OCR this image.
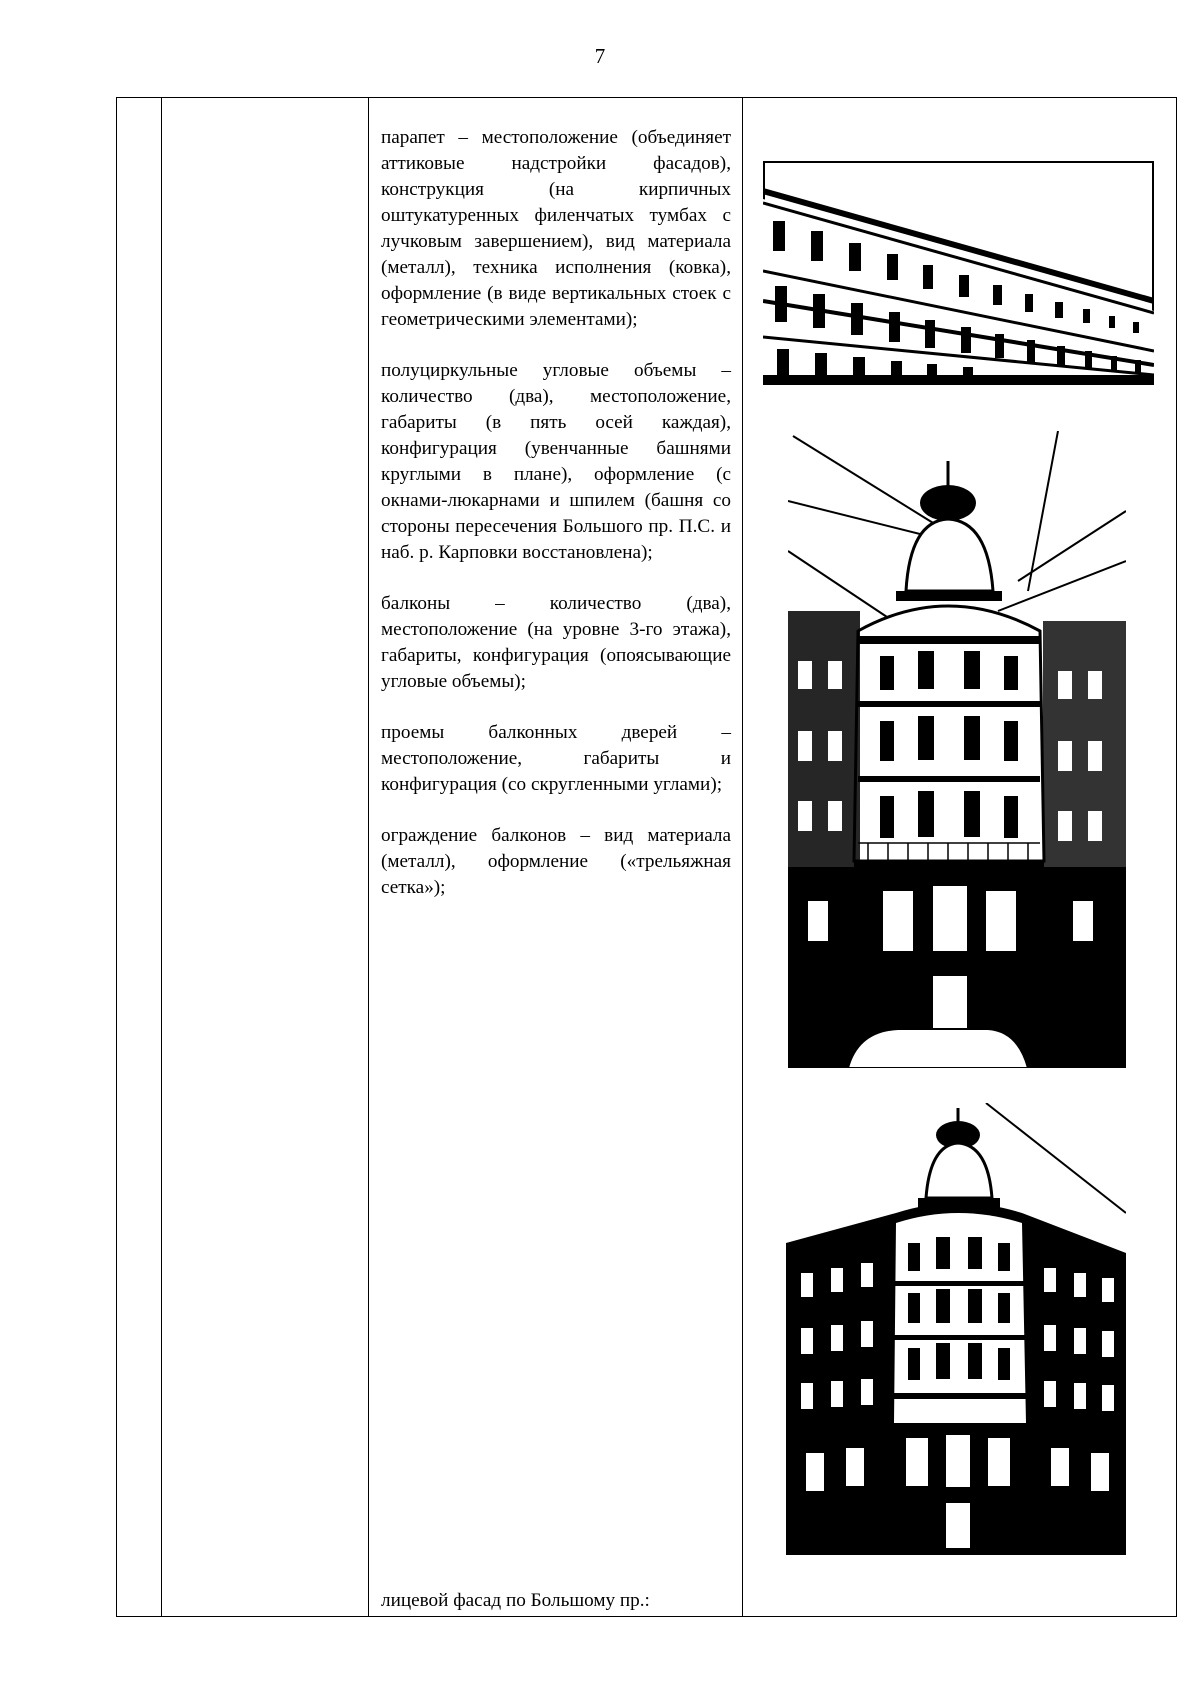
7

парапет – местоположение (объединяет аттиковые надстройки фасадов), конструкция (на кирпичных оштукатуренных филенчатых тумбах с лучковым завершением), вид материала (металл), техника исполнения (ковка), оформление (в виде вертикальных стоек с геометрическими элементами);

полуциркульные угловые объемы – количество (два), местоположение, габариты (в пять осей каждая), конфигурация (увенчанные башнями круглыми в плане), оформление (с окнами-люкарнами и шпилем (башня со стороны пересечения Большого пр. П.С. и наб. р. Карповки восстановлена);

балконы – количество (два), местоположение (на уровне 3-го этажа), габариты, конфигурация (опоясывающие угловые объемы);

проемы балконных дверей – местоположение, габариты и конфигурация (со скругленными углами);

ограждение балконов – вид материала (металл), оформление («трельяжная сетка»);

лицевой фасад по Большому пр.:
